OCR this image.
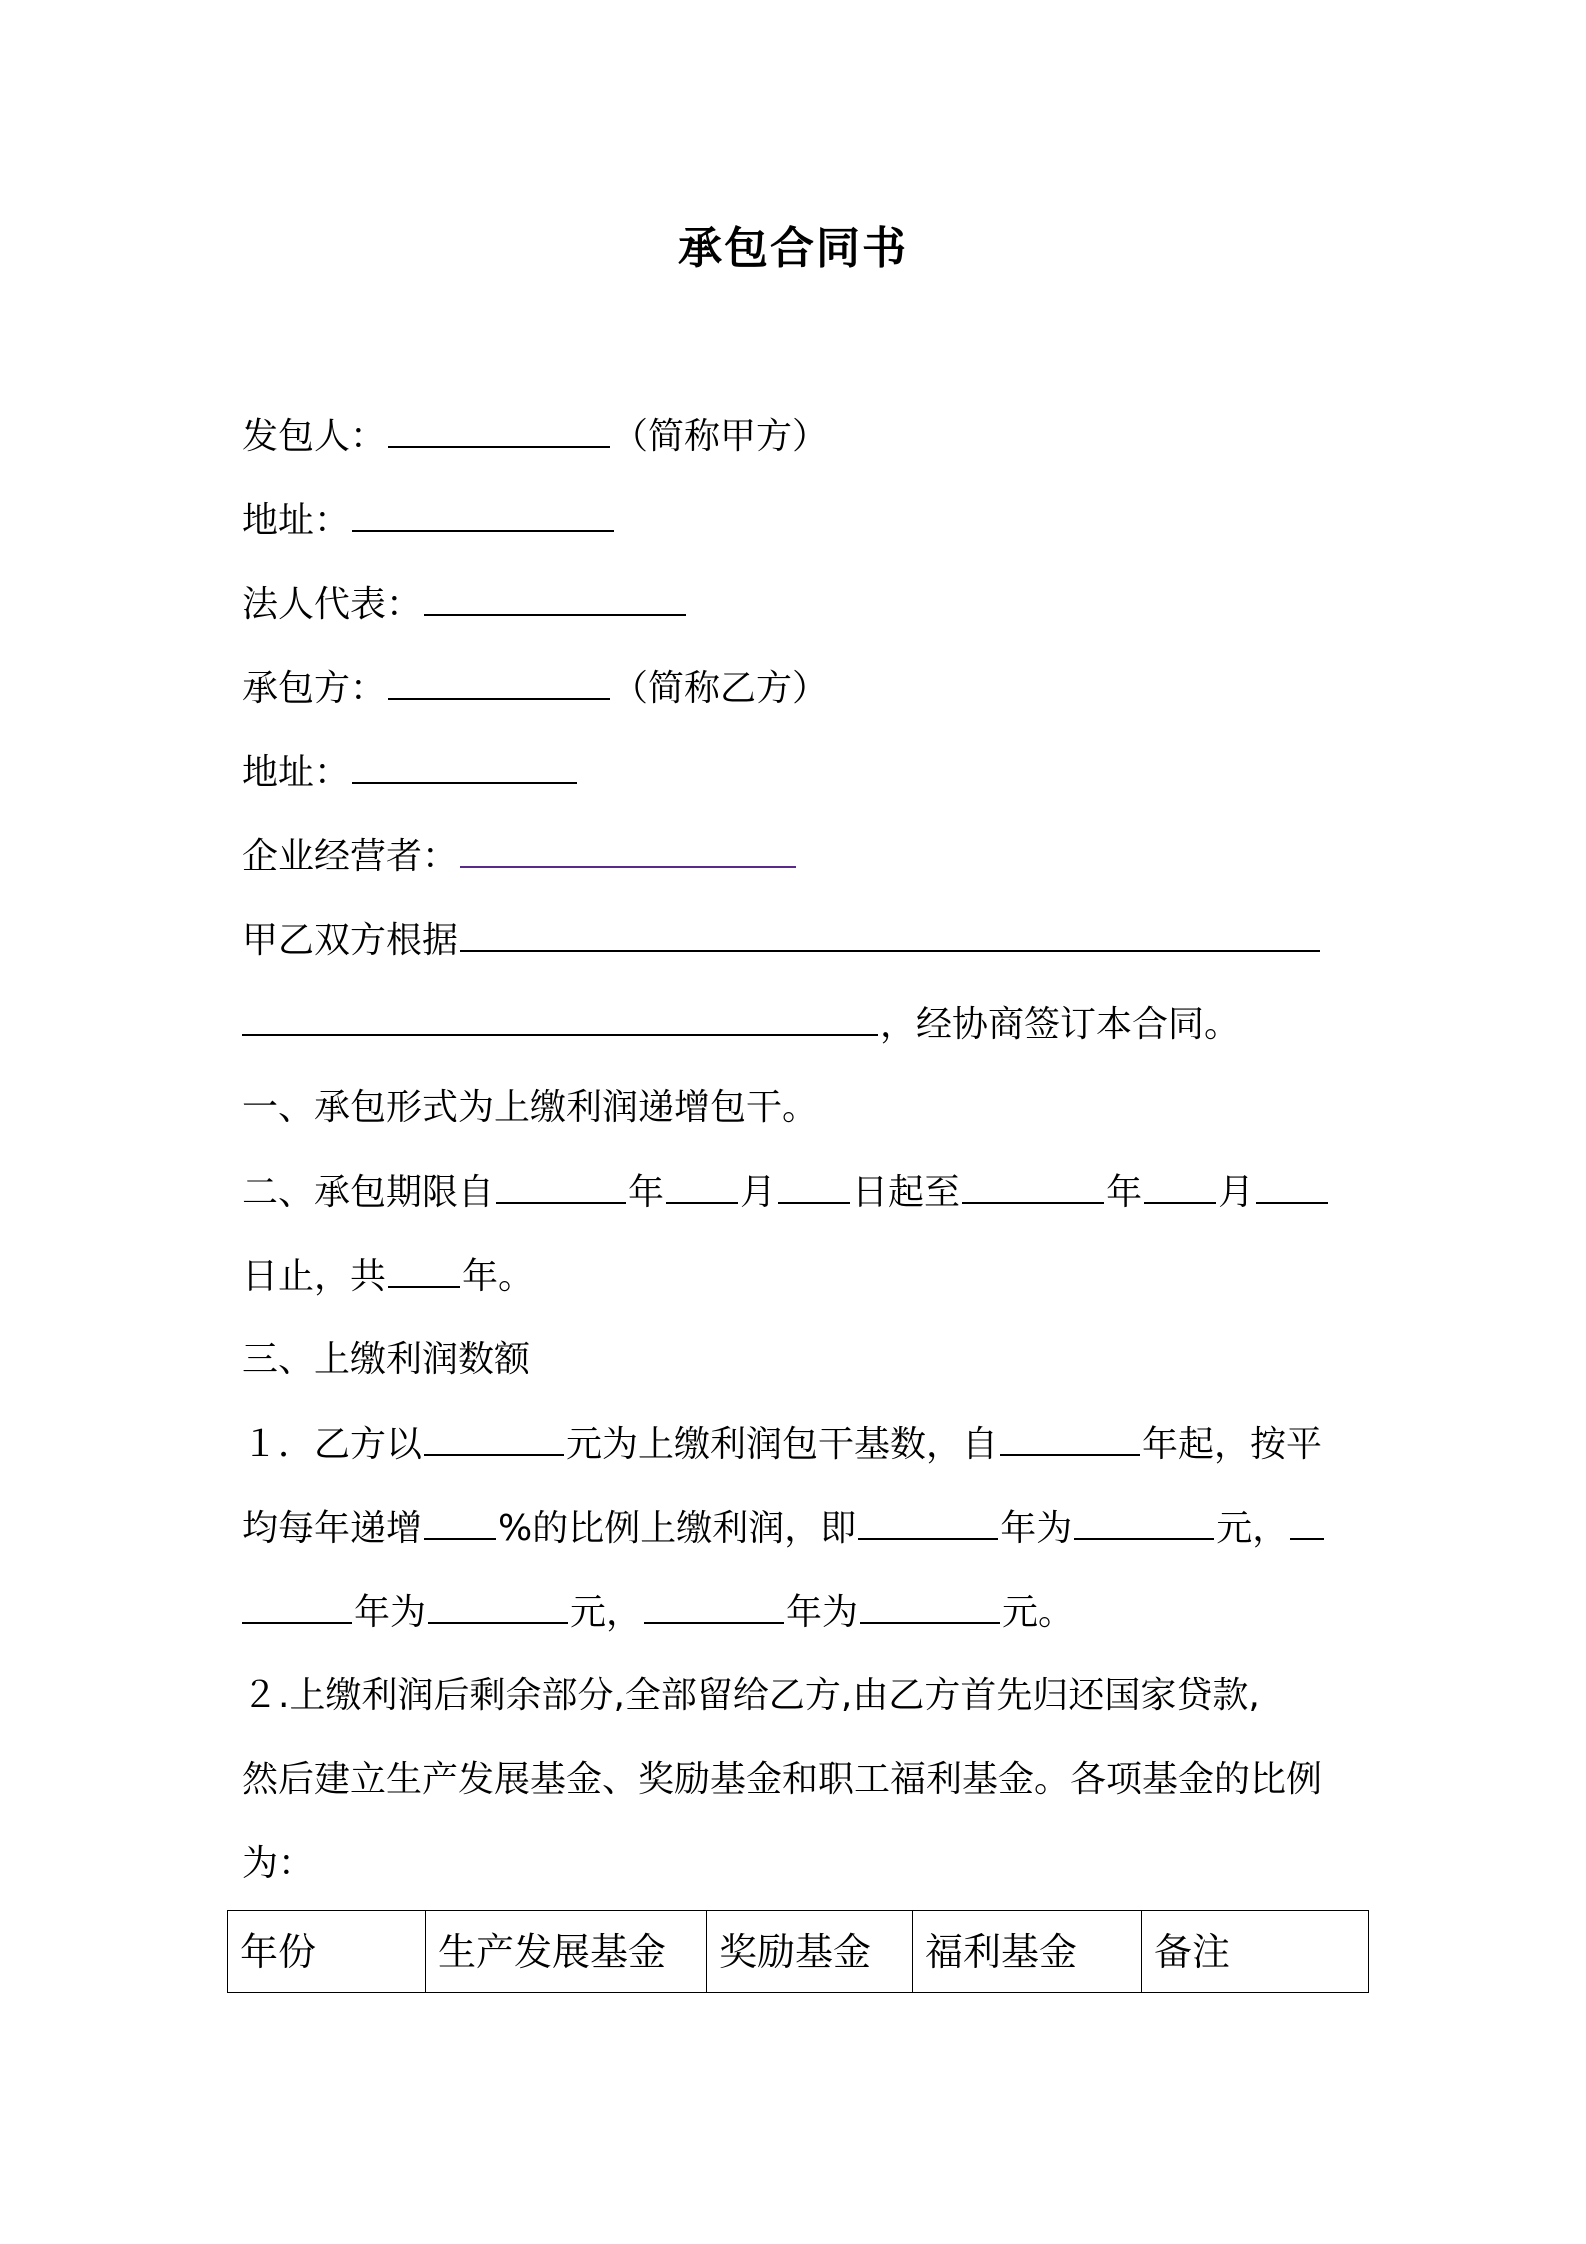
承包合同书
发包人：	（简称甲方）
地址：
法人代表：
承包方：	（简称乙方）
地址：
企业经营者：
甲乙双方根据
，经协商签订本合同。
一、承包形式为上缴利润递增包干。
二、承包期限自	年 月 日起至	年 月
日止，共 年。
三、上缴利润数额
１．乙方以	元为上缴利润包干基数，自	年起，按平
均每年递增 %的比例上缴利润，即	年为	元，
年为	元，	年为	元。
２.上缴利润后剩余部分,全部留给乙方,由乙方首先归还国家贷款,
然后建立生产发展基金、奖励基金和职工福利基金。各项基金的比例
为：
年份	生产发展基金	奖励基金	福利基金	备注
